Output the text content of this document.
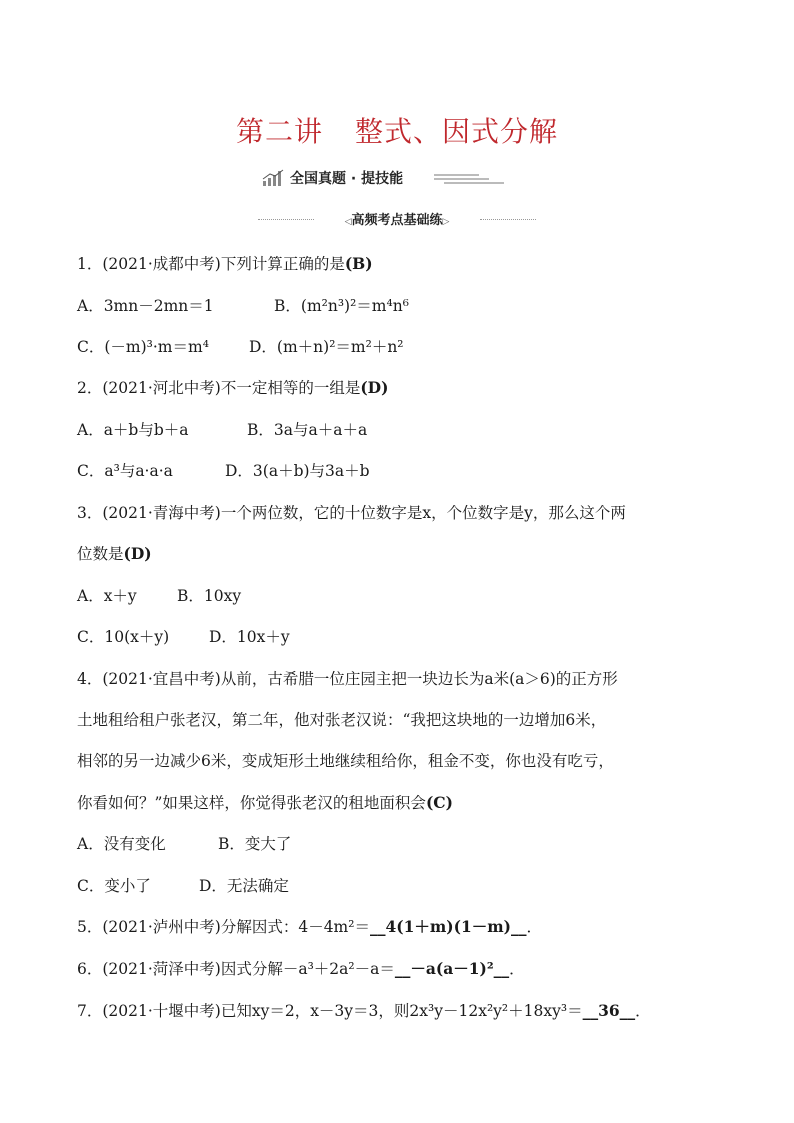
第二讲 整式、因式分解
全国真题 · 提技能
◁高频考点基础练▷
1．(2021·成都中考)下列计算正确的是(B)
A．3mn－2mn＝1	B．(m²n³)²＝m⁴n⁶
C．(－m)³·m＝m⁴	D．(m＋n)²＝m²＋n²
2．(2021·河北中考)不一定相等的一组是(D)
A．a＋b与b＋a	B．3a与a＋a＋a
C．a³与a·a·a	D．3(a＋b)与3a＋b
3．(2021·青海中考)一个两位数，它的十位数字是x，个位数字是y，那么这个两
位数是(D)
A．x＋y	B．10xy
C．10(x＋y)	D．10x＋y
4．(2021·宜昌中考)从前，古希腊一位庄园主把一块边长为a米(a＞6)的正方形
土地租给租户张老汉，第二年，他对张老汉说：“我把这块地的一边增加6米，
相邻的另一边减少6米，变成矩形土地继续租给你，租金不变，你也没有吃亏，
你看如何？”如果这样，你觉得张老汉的租地面积会(C)
A．没有变化	B．变大了
C．变小了	D．无法确定
5．(2021·泸州中考)分解因式：4－4m²＝__4(1＋m)(1－m)__．
6．(2021·菏泽中考)因式分解－a³＋2a²－a＝__－a(a－1)²__．
7．(2021·十堰中考)已知xy＝2，x－3y＝3，则2x³y－12x²y²＋18xy³＝__36__．
